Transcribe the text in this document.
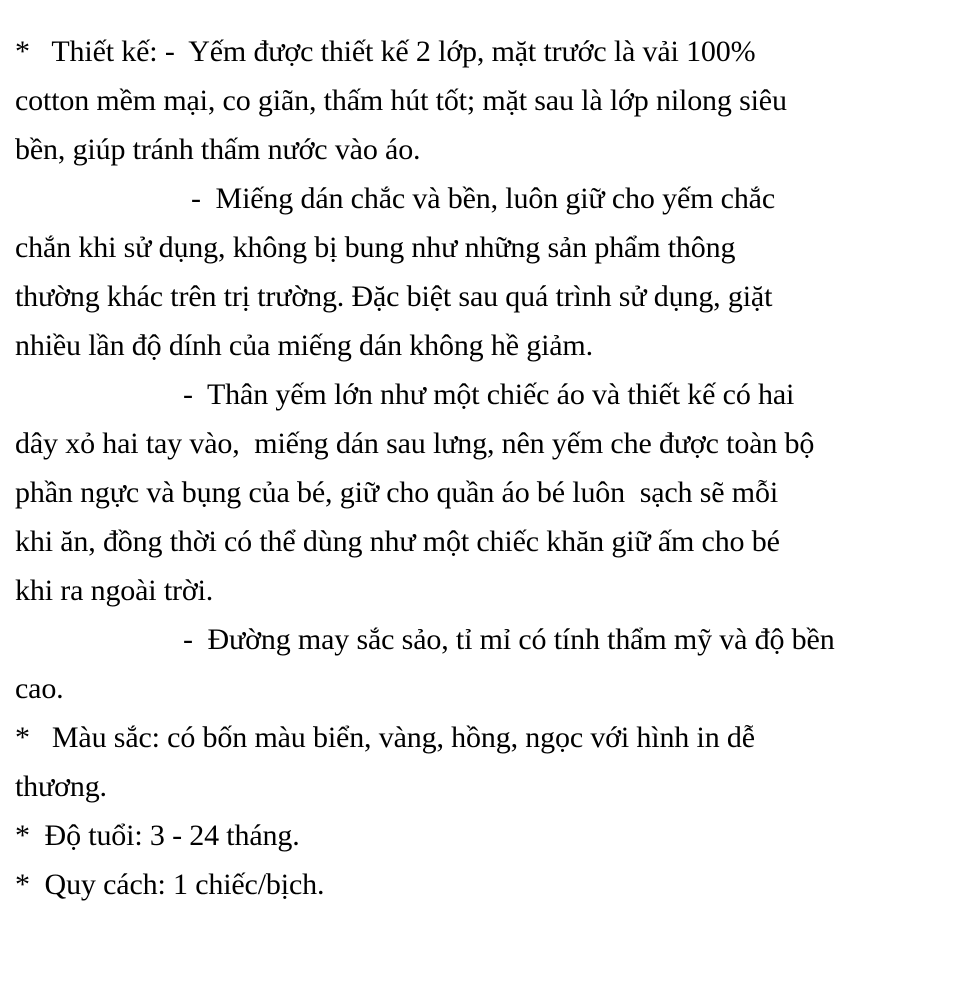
*   Thiết kế: -  Yếm được thiết kế 2 lớp, mặt trước là vải 100%
cotton mềm mại, co giãn, thấm hút tốt; mặt sau là lớp nilong siêu
bền, giúp tránh thấm nước vào áo.
-  Miếng dán chắc và bền, luôn giữ cho yếm chắc
chắn khi sử dụng, không bị bung như những sản phẩm thông
thường khác trên trị trường. Đặc biệt sau quá trình sử dụng, giặt
nhiều lần độ dính của miếng dán không hề giảm.
-  Thân yếm lớn như một chiếc áo và thiết kế có hai
dây xỏ hai tay vào,  miếng dán sau lưng, nên yếm che được toàn bộ
phần ngực và bụng của bé, giữ cho quần áo bé luôn  sạch sẽ mỗi
khi ăn, đồng thời có thể dùng như một chiếc khăn giữ ấm cho bé
khi ra ngoài trời.
-  Đường may sắc sảo, tỉ mỉ có tính thẩm mỹ và độ bền
cao.
*   Màu sắc: có bốn màu biển, vàng, hồng, ngọc với hình in dễ
thương.
*  Độ tuổi: 3 - 24 tháng.
*  Quy cách: 1 chiếc/bịch.
